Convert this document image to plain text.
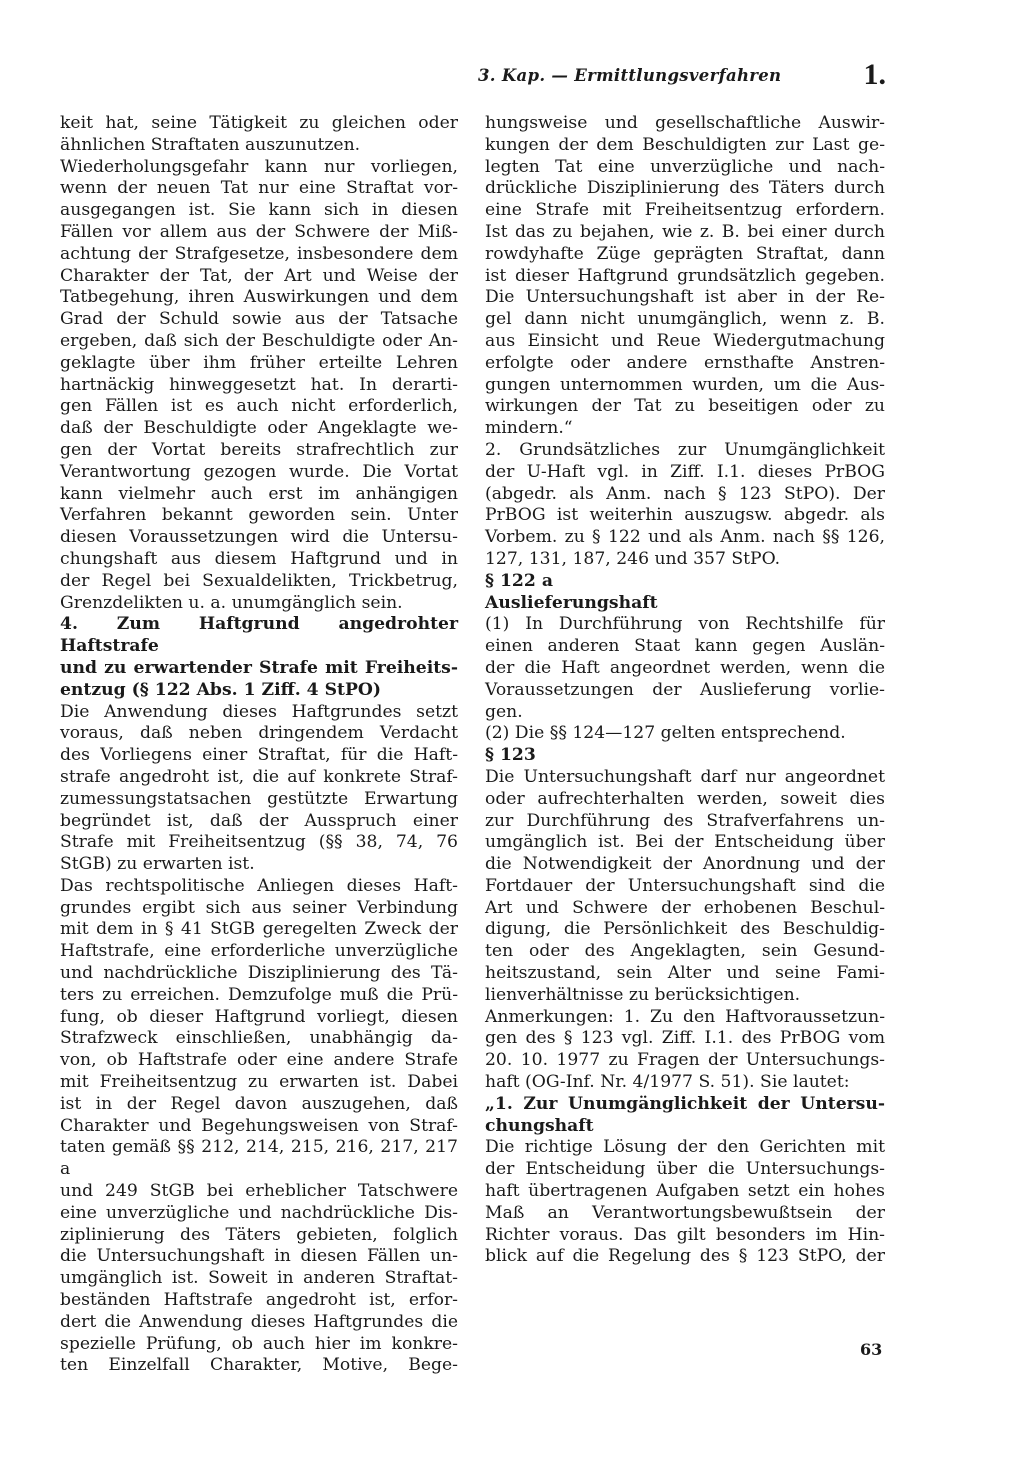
3. Kap. — Ermittlungsverfahren	1.
keit hat, seine Tätigkeit zu gleichen oder
ähnlichen Straftaten auszunutzen.
Wiederholungsgefahr kann nur vorliegen,
wenn der neuen Tat nur eine Straftat vor-
ausgegangen ist. Sie kann sich in diesen
Fällen vor allem aus der Schwere der Miß-
achtung der Strafgesetze, insbesondere dem
Charakter der Tat, der Art und Weise der
Tatbegehung, ihren Auswirkungen und dem
Grad der Schuld sowie aus der Tatsache
ergeben, daß sich der Beschuldigte oder An-
geklagte über ihm früher erteilte Lehren
hartnäckig hinweggesetzt hat. In derarti-
gen Fällen ist es auch nicht erforderlich,
daß der Beschuldigte oder Angeklagte we-
gen der Vortat bereits strafrechtlich zur
Verantwortung gezogen wurde. Die Vortat
kann vielmehr auch erst im anhängigen
Verfahren bekannt geworden sein. Unter
diesen Voraussetzungen wird die Untersu-
chungshaft aus diesem Haftgrund und in
der Regel bei Sexualdelikten, Trickbetrug,
Grenzdelikten u. a. unumgänglich sein.
4. Zum Haftgrund angedrohter Haftstrafe
und zu erwartender Strafe mit Freiheits-
entzug (§ 122 Abs. 1 Ziff. 4 StPO)
Die Anwendung dieses Haftgrundes setzt
voraus, daß neben dringendem Verdacht
des Vorliegens einer Straftat, für die Haft-
strafe angedroht ist, die auf konkrete Straf-
zumessungstatsachen gestützte Erwartung
begründet ist, daß der Ausspruch einer
Strafe mit Freiheitsentzug (§§ 38, 74, 76
StGB) zu erwarten ist.
Das rechtspolitische Anliegen dieses Haft-
grundes ergibt sich aus seiner Verbindung
mit dem in § 41 StGB geregelten Zweck der
Haftstrafe, eine erforderliche unverzügliche
und nachdrückliche Disziplinierung des Tä-
ters zu erreichen. Demzufolge muß die Prü-
fung, ob dieser Haftgrund vorliegt, diesen
Strafzweck einschließen, unabhängig da-
von, ob Haftstrafe oder eine andere Strafe
mit Freiheitsentzug zu erwarten ist. Dabei
ist in der Regel davon auszugehen, daß
Charakter und Begehungsweisen von Straf-
taten gemäß §§ 212, 214, 215, 216, 217, 217 a
und 249 StGB bei erheblicher Tatschwere
eine unverzügliche und nachdrückliche Dis-
ziplinierung des Täters gebieten, folglich
die Untersuchungshaft in diesen Fällen un-
umgänglich ist. Soweit in anderen Straftat-
beständen Haftstrafe angedroht ist, erfor-
dert die Anwendung dieses Haftgrundes die
spezielle Prüfung, ob auch hier im konkre-
ten Einzelfall Charakter, Motive, Bege-
hungsweise und gesellschaftliche Auswir-
kungen der dem Beschuldigten zur Last ge-
legten Tat eine unverzügliche und nach-
drückliche Disziplinierung des Täters durch
eine Strafe mit Freiheitsentzug erfordern.
Ist das zu bejahen, wie z. B. bei einer durch
rowdyhafte Züge geprägten Straftat, dann
ist dieser Haftgrund grundsätzlich gegeben.
Die Untersuchungshaft ist aber in der Re-
gel dann nicht unumgänglich, wenn z. B.
aus Einsicht und Reue Wiedergutmachung
erfolgte oder andere ernsthafte Anstren-
gungen unternommen wurden, um die Aus-
wirkungen der Tat zu beseitigen oder zu
mindern.“
2. Grundsätzliches zur Unumgänglichkeit
der U-Haft vgl. in Ziff. I.1. dieses PrBOG
(abgedr. als Anm. nach § 123 StPO). Der
PrBOG ist weiterhin auszugsw. abgedr. als
Vorbem. zu § 122 und als Anm. nach §§ 126,
127, 131, 187, 246 und 357 StPO.
§ 122 a
Auslieferungshaft
(1) In Durchführung von Rechtshilfe für
einen anderen Staat kann gegen Auslän-
der die Haft angeordnet werden, wenn die
Voraussetzungen der Auslieferung vorlie-
gen.
(2) Die §§ 124—127 gelten entsprechend.
§ 123
Die Untersuchungshaft darf nur angeordnet
oder aufrechterhalten werden, soweit dies
zur Durchführung des Strafverfahrens un-
umgänglich ist. Bei der Entscheidung über
die Notwendigkeit der Anordnung und der
Fortdauer der Untersuchungshaft sind die
Art und Schwere der erhobenen Beschul-
digung, die Persönlichkeit des Beschuldig-
ten oder des Angeklagten, sein Gesund-
heitszustand, sein Alter und seine Fami-
lienverhältnisse zu berücksichtigen.
Anmerkungen: 1. Zu den Haftvoraussetzun-
gen des § 123 vgl. Ziff. I.1. des PrBOG vom
20. 10. 1977 zu Fragen der Untersuchungs-
haft (OG-Inf. Nr. 4/1977 S. 51). Sie lautet:
„1. Zur Unumgänglichkeit der Untersu-
chungshaft
Die richtige Lösung der den Gerichten mit
der Entscheidung über die Untersuchungs-
haft übertragenen Aufgaben setzt ein hohes
Maß an Verantwortungsbewußtsein der
Richter voraus. Das gilt besonders im Hin-
blick auf die Regelung des § 123 StPO, der
63
